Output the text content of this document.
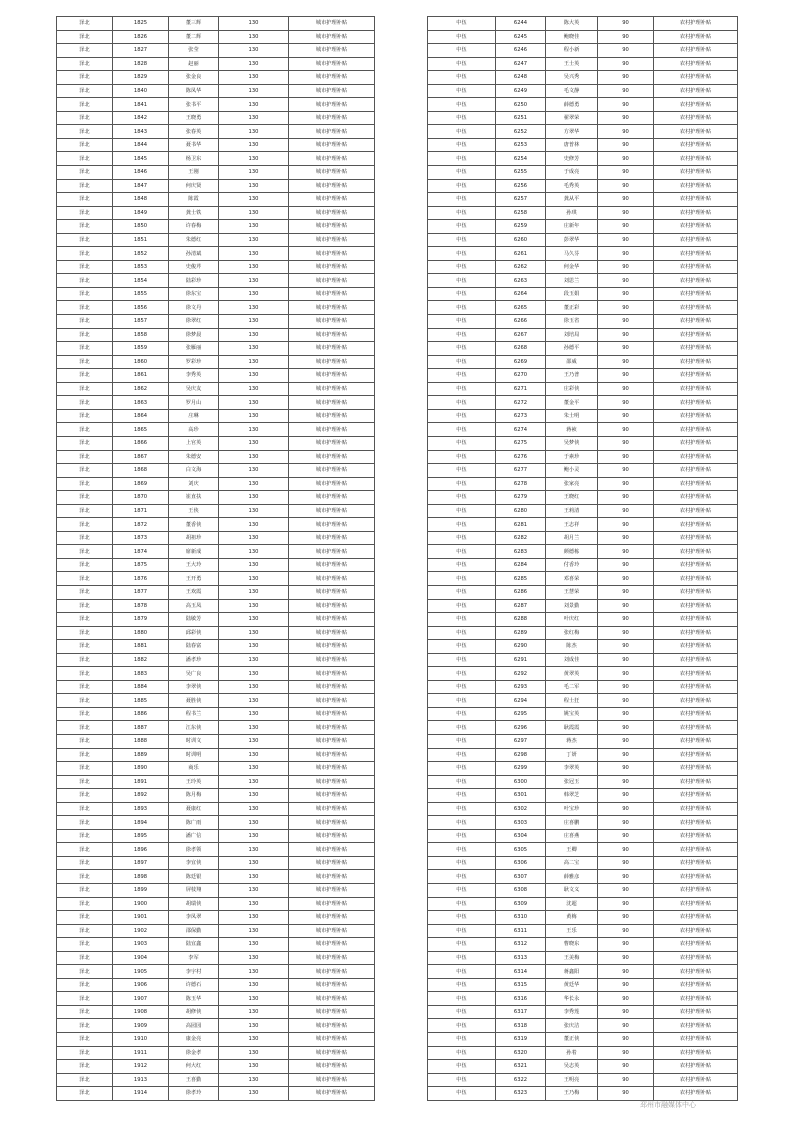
泽北	1825	董三辉	130	城市护理补贴
泽北	1826	董二辉	130	城市护理补贴
泽北	1827	张莹	130	城市护理补贴
泽北	1828	赵丽	130	城市护理补贴
泽北	1829	张金良	130	城市护理补贴
泽北	1840	陈凤华	130	城市护理补贴
泽北	1841	张书平	130	城市护理补贴
泽北	1842	王晓勇	130	城市护理补贴
泽北	1843	张春英	130	城市护理补贴
泽北	1844	聂书华	130	城市护理补贴
泽北	1845	杨卫东	130	城市护理补贴
泽北	1846	王刚	130	城市护理补贴
泽北	1847	何庆贤	130	城市护理补贴
泽北	1848	陈霞	130	城市护理补贴
泽北	1849	龚士铁	130	城市护理补贴
泽北	1850	许春梅	130	城市护理补贴
泽北	1851	朱德红	130	城市护理补贴
泽北	1852	孙清斌	130	城市护理补贴
泽北	1853	史俊芹	130	城市护理补贴
泽北	1854	陆彩珍	130	城市护理补贴
泽北	1855	徐东宝	130	城市护理补贴
泽北	1856	徐文丹	130	城市护理补贴
泽北	1857	徐翠红	130	城市护理补贴
泽北	1858	徐梦晨	130	城市护理补贴
泽北	1859	张雁丽	130	城市护理补贴
泽北	1860	罗彩珍	130	城市护理补贴
泽北	1861	李秀英	130	城市护理补贴
泽北	1862	吴庆友	130	城市护理补贴
泽北	1863	罗月山	130	城市护理补贴
泽北	1864	庄琳	130	城市护理补贴
泽北	1865	高珍	130	城市护理补贴
泽北	1866	上官英	130	城市护理补贴
泽北	1867	朱德安	130	城市护理补贴
泽北	1868	白文海	130	城市护理补贴
泽北	1869	刘庆	130	城市护理补贴
泽北	1870	崔直扶	130	城市护理补贴
泽北	1871	王侠	130	城市护理补贴
泽北	1872	董香侠	130	城市护理补贴
泽北	1873	胡祖珍	130	城市护理补贴
泽北	1874	席新成	130	城市护理补贴
泽北	1875	王大玲	130	城市护理补贴
泽北	1876	王开勇	130	城市护理补贴
泽北	1877	王欢霞	130	城市护理补贴
泽北	1878	高玉凤	130	城市护理补贴
泽北	1879	陆敏芳	130	城市护理补贴
泽北	1880	邱彩侠	130	城市护理补贴
泽北	1881	陆春富	130	城市护理补贴
泽北	1882	潘孝珍	130	城市护理补贴
泽北	1883	吴广良	130	城市护理补贴
泽北	1884	李翠侠	130	城市护理补贴
泽北	1885	聂胜侠	130	城市护理补贴
泽北	1886	程书兰	130	城市护理补贴
泽北	1887	江东侠	130	城市护理补贴
泽北	1888	时训文	130	城市护理补贴
泽北	1889	时训明	130	城市护理补贴
泽北	1890	商乐	130	城市护理补贴
泽北	1891	王玲英	130	城市护理补贴
泽北	1892	陈月梅	130	城市护理补贴
泽北	1893	聂康红	130	城市护理补贴
泽北	1894	陈广雨	130	城市护理补贴
泽北	1895	潘广信	130	城市护理补贴
泽北	1896	徐孝领	130	城市护理补贴
泽北	1897	李宜侠	130	城市护理补贴
泽北	1898	陈廷银	130	城市护理补贴
泽北	1899	屏枝翔	130	城市护理补贴
泽北	1900	胡瑞侠	130	城市护理补贴
泽北	1901	李凤翠	130	城市护理补贴
泽北	1902	邵保勤	130	城市护理补贴
泽北	1903	陆宜鑫	130	城市护理补贴
泽北	1904	李军	130	城市护理补贴
泽北	1905	李宇村	130	城市护理补贴
泽北	1906	许德石	130	城市护理补贴
泽北	1907	陈玉华	130	城市护理补贴
泽北	1908	胡修侠	130	城市护理补贴
泽北	1909	高园园	130	城市护理补贴
泽北	1910	康金亮	130	城市护理补贴
泽北	1911	徐金孝	130	城市护理补贴
泽北	1912	何大红	130	城市护理补贴
泽北	1913	王喜勤	130	城市护理补贴
泽北	1914	徐孝玲	130	城市护理补贴
中伍	6244	陈大英	90	农村护理补贴
中伍	6245	鲍晓佳	90	农村护理补贴
中伍	6246	程小新	90	农村护理补贴
中伍	6247	王士英	90	农村护理补贴
中伍	6248	吴兴秀	90	农村护理补贴
中伍	6249	毛文静	90	农村护理补贴
中伍	6250	薛德勇	90	农村护理补贴
中伍	6251	翟翠荣	90	农村护理补贴
中伍	6252	方翠华	90	农村护理补贴
中伍	6253	唐普林	90	农村护理补贴
中伍	6254	史修芳	90	农村护理补贴
中伍	6255	于成亮	90	农村护理补贴
中伍	6256	毛秀英	90	农村护理补贴
中伍	6257	龚从平	90	农村护理补贴
中伍	6258	孙琪	90	农村护理补贴
中伍	6259	庄新年	90	农村护理补贴
中伍	6260	彭翠华	90	农村护理补贴
中伍	6261	马久芬	90	农村护理补贴
中伍	6262	何金华	90	农村护理补贴
中伍	6263	刘思兰	90	农村护理补贴
中伍	6264	段玉娟	90	农村护理补贴
中伍	6265	董正彩	90	农村护理补贴
中伍	6266	徐玉省	90	农村护理补贴
中伍	6267	刘培局	90	农村护理补贴
中伍	6268	孙德平	90	农村护理补贴
中伍	6269	邵威	90	农村护理补贴
中伍	6270	王乃普	90	农村护理补贴
中伍	6271	庄彩侠	90	农村护理补贴
中伍	6272	董金平	90	农村护理补贴
中伍	6273	朱士明	90	农村护理补贴
中伍	6274	蒋祯	90	农村护理补贴
中伍	6275	吴梦侠	90	农村护理补贴
中伍	6276	于素珍	90	农村护理补贴
中伍	6277	鲍小灵	90	农村护理补贴
中伍	6278	张家亮	90	农村护理补贴
中伍	6279	王晓红	90	农村护理补贴
中伍	6280	王莉清	90	农村护理补贴
中伍	6281	王志祥	90	农村护理补贴
中伍	6282	胡月兰	90	农村护理补贴
中伍	6283	颜德栋	90	农村护理补贴
中伍	6284	付香玲	90	农村护理补贴
中伍	6285	邓喜荣	90	农村护理补贴
中伍	6286	王慧荣	90	农村护理补贴
中伍	6287	刘景勤	90	农村护理补贴
中伍	6288	叶庆红	90	农村护理补贴
中伍	6289	张红梅	90	农村护理补贴
中伍	6290	陈杰	90	农村护理补贴
中伍	6291	刘成佳	90	农村护理补贴
中伍	6292	黄翠英	90	农村护理补贴
中伍	6293	毛二军	90	农村护理补贴
中伍	6294	程士狂	90	农村护理补贴
中伍	6295	姚宝英	90	农村护理补贴
中伍	6296	耿霞霞	90	农村护理补贴
中伍	6297	蒋杰	90	农村护理补贴
中伍	6298	丁妍	90	农村护理补贴
中伍	6299	李翠英	90	农村护理补贴
中伍	6300	张冠玉	90	农村护理补贴
中伍	6301	韩翠芝	90	农村护理补贴
中伍	6302	叶宝珍	90	农村护理补贴
中伍	6303	庄喜鹏	90	农村护理补贴
中伍	6304	庄喜燕	90	农村护理补贴
中伍	6305	王卿	90	农村护理补贴
中伍	6306	高二宝	90	农村护理补贴
中伍	6307	薛雅彦	90	农村护理补贴
中伍	6308	耿文义	90	农村护理补贴
中伍	6309	沈超	90	农村护理补贴
中伍	6310	黄梅	90	农村护理补贴
中伍	6311	王乐	90	农村护理补贴
中伍	6312	曹晓东	90	农村护理补贴
中伍	6313	王美梅	90	农村护理补贴
中伍	6314	蒋鑫阳	90	农村护理补贴
中伍	6315	黄廷华	90	农村护理补贴
中伍	6316	华长永	90	农村护理补贴
中伍	6317	李秀莲	90	农村护理补贴
中伍	6318	张庆洁	90	农村护理补贴
中伍	6319	董正侠	90	农村护理补贴
中伍	6320	孙着	90	农村护理补贴
中伍	6321	吴志英	90	农村护理补贴
中伍	6322	王明亮	90	农村护理补贴
中伍	6323	王乃梅	90	农村护理补贴
邳州市融媒体中心
